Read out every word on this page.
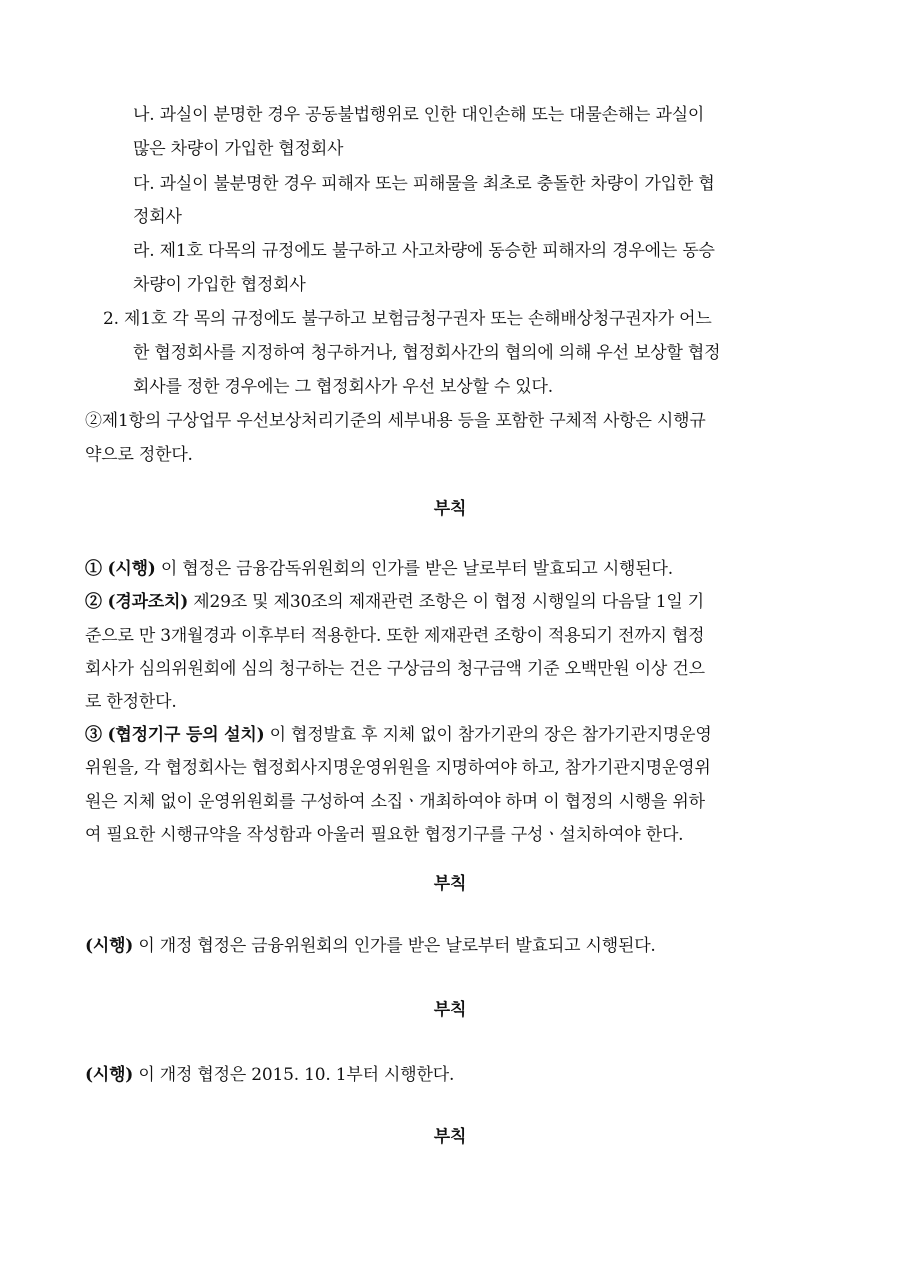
나. 과실이 분명한 경우 공동불법행위로 인한 대인손해 또는 대물손해는 과실이
많은 차량이 가입한 협정회사
다. 과실이 불분명한 경우 피해자 또는 피해물을 최초로 충돌한 차량이 가입한 협
정회사
라. 제1호 다목의 규정에도 불구하고 사고차량에 동승한 피해자의 경우에는 동승
차량이 가입한 협정회사
2. 제1호 각 목의 규정에도 불구하고 보험금청구권자 또는 손해배상청구권자가 어느
한 협정회사를 지정하여 청구하거나, 협정회사간의 협의에 의해 우선 보상할 협정
회사를 정한 경우에는 그 협정회사가 우선 보상할 수 있다.
②제1항의 구상업무 우선보상처리기준의 세부내용 등을 포함한 구체적 사항은 시행규
약으로 정한다.
부칙
① (시행) 이 협정은 금융감독위원회의 인가를 받은 날로부터 발효되고 시행된다.
② (경과조치) 제29조 및 제30조의 제재관련 조항은 이 협정 시행일의 다음달 1일 기
준으로 만 3개월경과 이후부터 적용한다. 또한 제재관련 조항이 적용되기 전까지 협정
회사가 심의위원회에 심의 청구하는 건은 구상금의 청구금액 기준 오백만원 이상 건으
로 한정한다.
③ (협정기구 등의 설치) 이 협정발효 후 지체 없이 참가기관의 장은 참가기관지명운영
위원을, 각 협정회사는 협정회사지명운영위원을 지명하여야 하고, 참가기관지명운영위
원은 지체 없이 운영위원회를 구성하여 소집ㆍ개최하여야 하며 이 협정의 시행을 위하
여 필요한 시행규약을 작성함과 아울러 필요한 협정기구를 구성ㆍ설치하여야 한다.
부칙
(시행) 이 개정 협정은 금융위원회의 인가를 받은 날로부터 발효되고 시행된다.
부칙
(시행) 이 개정 협정은 2015. 10. 1부터 시행한다.
부칙
